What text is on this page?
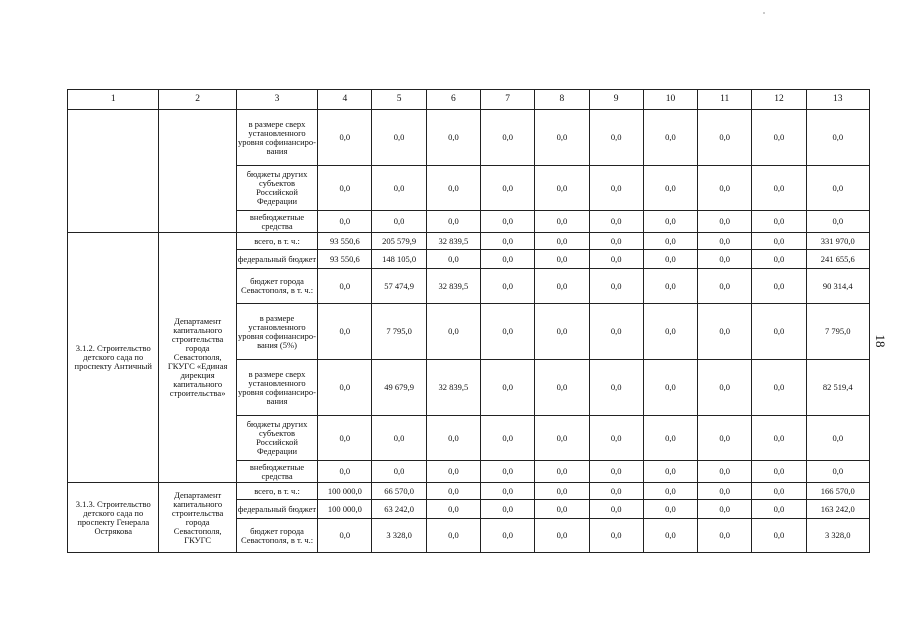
1	2	3	4	5	6	7	8	9	10	11	12	13
		в размере сверх установленного уровня софинансиро-вания	0,0	0,0	0,0	0,0	0,0	0,0	0,0	0,0	0,0	0,0
		бюджеты других субъектов Российской Федерации	0,0	0,0	0,0	0,0	0,0	0,0	0,0	0,0	0,0	0,0
		внебюджетные средства	0,0	0,0	0,0	0,0	0,0	0,0	0,0	0,0	0,0	0,0
3.1.2. Строительство детского сада по проспекту Античный	Департамент капитального строительства города Севастополя, ГКУГС «Единая дирекция капитального строительства»	всего, в т. ч.:	93 550,6	205 579,9	32 839,5	0,0	0,0	0,0	0,0	0,0	0,0	331 970,0
		федеральный бюджет	93 550,6	148 105,0	0,0	0,0	0,0	0,0	0,0	0,0	0,0	241 655,6
		бюджет города Севастополя, в т. ч.:	0,0	57 474,9	32 839,5	0,0	0,0	0,0	0,0	0,0	0,0	90 314,4
		в размере установленного уровня софинансиро-вания (5%)	0,0	7 795,0	0,0	0,0	0,0	0,0	0,0	0,0	0,0	7 795,0
		в размере сверх установленного уровня софинансиро-вания	0,0	49 679,9	32 839,5	0,0	0,0	0,0	0,0	0,0	0,0	82 519,4
		бюджеты других субъектов Российской Федерации	0,0	0,0	0,0	0,0	0,0	0,0	0,0	0,0	0,0	0,0
		внебюджетные средства	0,0	0,0	0,0	0,0	0,0	0,0	0,0	0,0	0,0	0,0
3.1.3. Строительство детского сада по проспекту Генерала Острякова	Департамент капитального строительства города Севастополя, ГКУГС	всего, в т. ч.:	100 000,0	66 570,0	0,0	0,0	0,0	0,0	0,0	0,0	0,0	166 570,0
		федеральный бюджет	100 000,0	63 242,0	0,0	0,0	0,0	0,0	0,0	0,0	0,0	163 242,0
		бюджет города Севастополя, в т. ч.:	0,0	3 328,0	0,0	0,0	0,0	0,0	0,0	0,0	0,0	3 328,0
18
